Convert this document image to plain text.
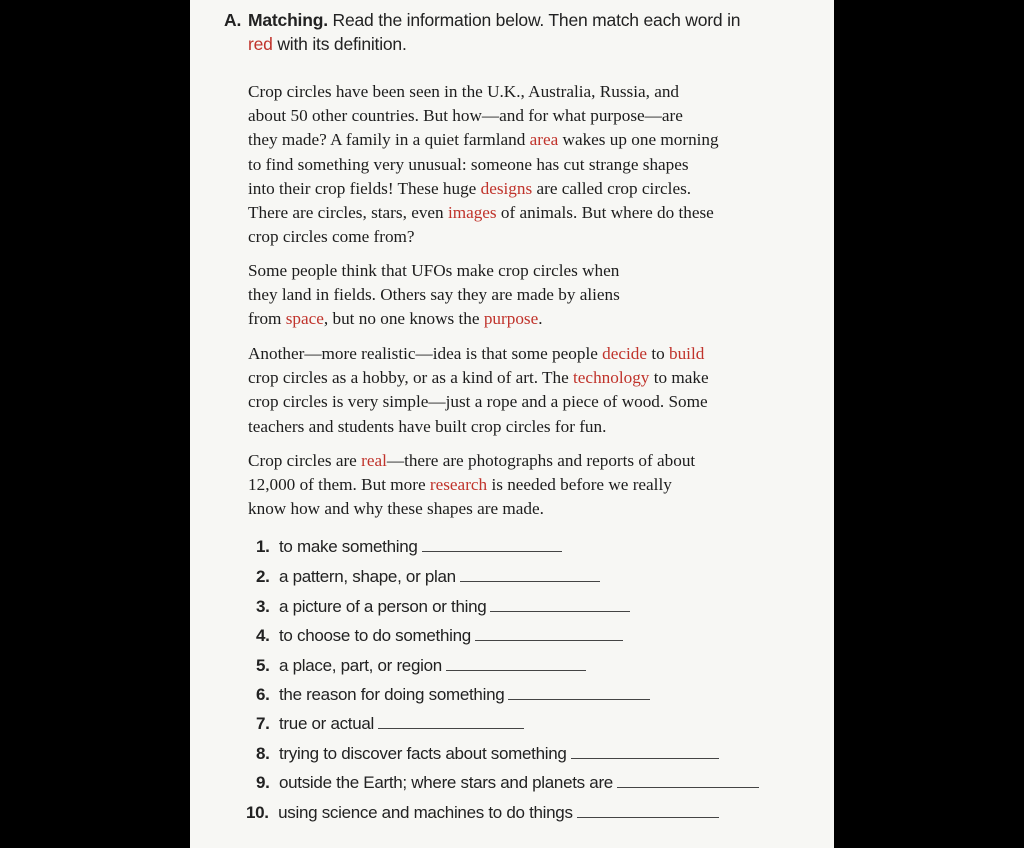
A. Matching. Read the information below. Then match each word in
red with its definition.
Crop circles have been seen in the U.K., Australia, Russia, and
about 50 other countries. But how—and for what purpose—are
they made? A family in a quiet farmland area wakes up one morning
to find something very unusual: someone has cut strange shapes
into their crop fields! These huge designs are called crop circles.
There are circles, stars, even images of animals. But where do these
crop circles come from?
Some people think that UFOs make crop circles when
they land in fields. Others say they are made by aliens
from space, but no one knows the purpose.
Another—more realistic—idea is that some people decide to build
crop circles as a hobby, or as a kind of art. The technology to make
crop circles is very simple—just a rope and a piece of wood. Some
teachers and students have built crop circles for fun.
Crop circles are real—there are photographs and reports of about
12,000 of them. But more research is needed before we really
know how and why these shapes are made.
1. to make something
2. a pattern, shape, or plan
3. a picture of a person or thing
4. to choose to do something
5. a place, part, or region
6. the reason for doing something
7. true or actual
8. trying to discover facts about something
9. outside the Earth; where stars and planets are
10. using science and machines to do things
